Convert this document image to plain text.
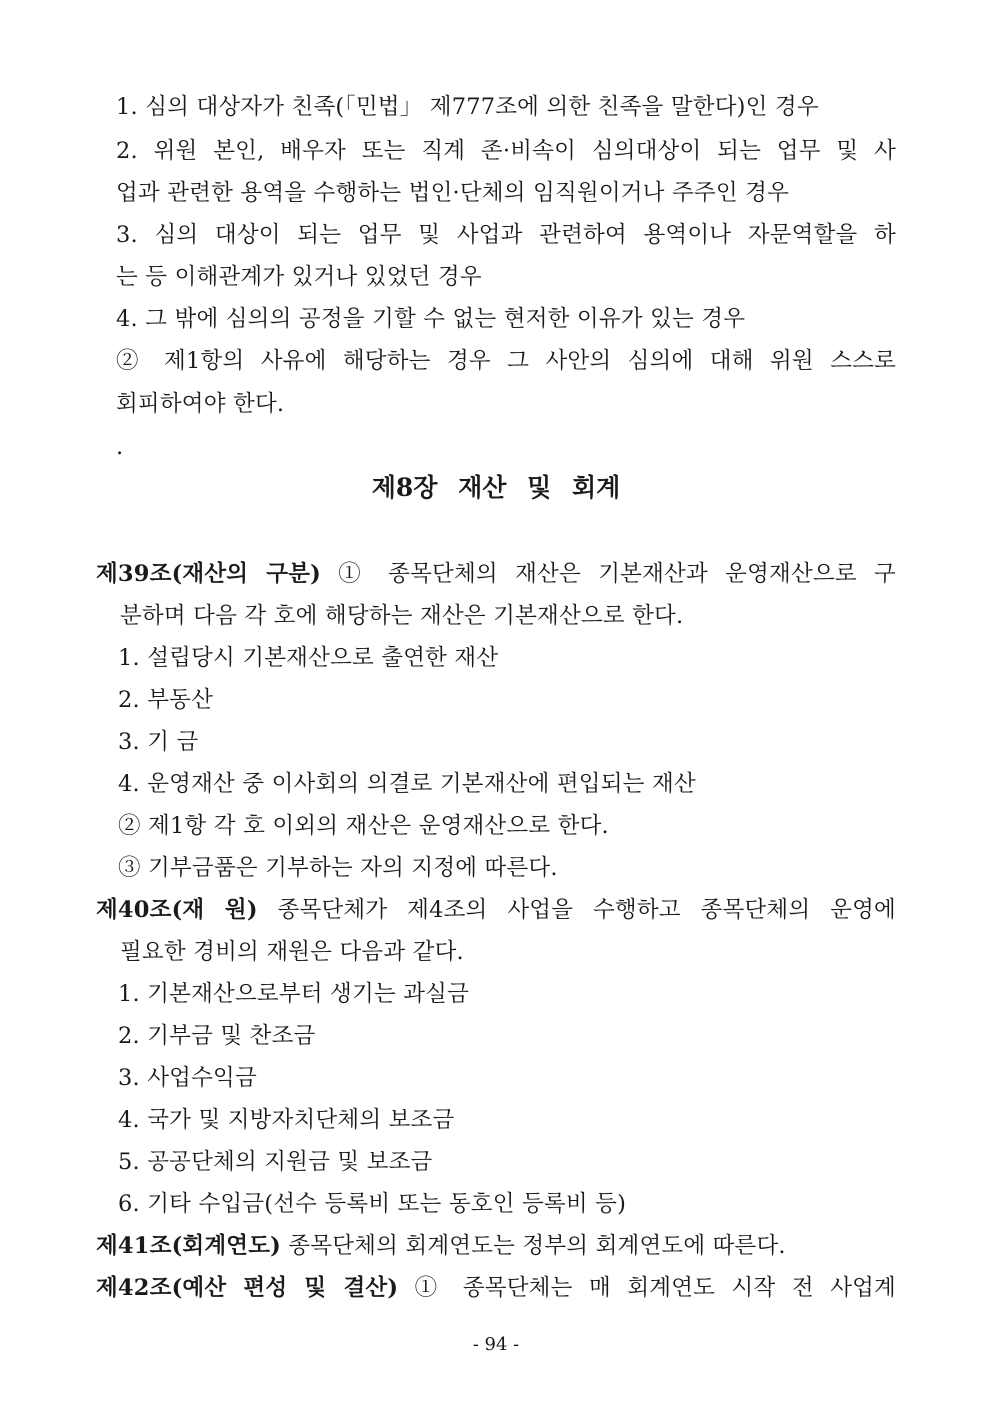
1. 심의 대상자가 친족(「민법」 제777조에 의한 친족을 말한다)인 경우
2. 위원 본인, 배우자 또는 직계 존·비속이 심의대상이 되는 업무 및 사
업과 관련한 용역을 수행하는 법인·단체의 임직원이거나 주주인 경우
3. 심의 대상이 되는 업무 및 사업과 관련하여 용역이나 자문역할을 하
는 등 이해관계가 있거나 있었던 경우
4. 그 밖에 심의의 공정을 기할 수 없는 현저한 이유가 있는 경우
② 제1항의 사유에 해당하는 경우 그 사안의 심의에 대해 위원 스스로
회피하여야 한다.
.
제8장 재산 및 회계
제39조(재산의 구분) ① 종목단체의 재산은 기본재산과 운영재산으로 구
분하며 다음 각 호에 해당하는 재산은 기본재산으로 한다.
1. 설립당시 기본재산으로 출연한 재산
2. 부동산
3. 기 금
4. 운영재산 중 이사회의 의결로 기본재산에 편입되는 재산
② 제1항 각 호 이외의 재산은 운영재산으로 한다.
③ 기부금품은 기부하는 자의 지정에 따른다.
제40조(재 원) 종목단체가 제4조의 사업을 수행하고 종목단체의 운영에
필요한 경비의 재원은 다음과 같다.
1. 기본재산으로부터 생기는 과실금
2. 기부금 및 찬조금
3. 사업수익금
4. 국가 및 지방자치단체의 보조금
5. 공공단체의 지원금 및 보조금
6. 기타 수입금(선수 등록비 또는 동호인 등록비 등)
제41조(회계연도) 종목단체의 회계연도는 정부의 회계연도에 따른다.
제42조(예산 편성 및 결산) ① 종목단체는 매 회계연도 시작 전 사업계
- 94 -
